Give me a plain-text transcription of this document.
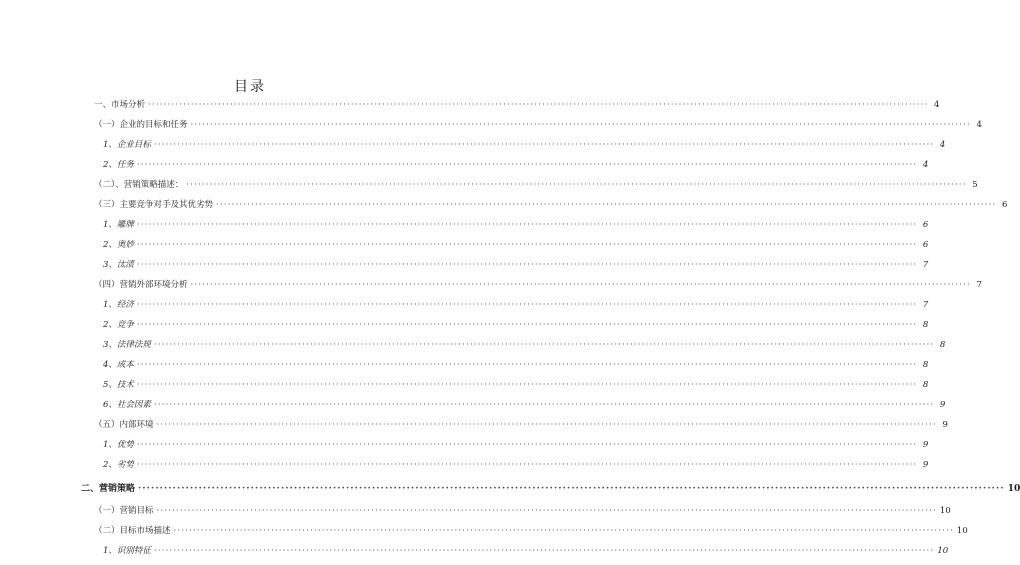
目录
一、市场分析 ········································································································································································································ 4
（一）企业的目标和任务 ········································································································································································································ 4
1、企业目标 ········································································································································································································ 4
2、任务 ········································································································································································································ 4
（二）、营销策略描述： ········································································································································································································ 5
（三）主要竞争对手及其优劣势 ········································································································································································································ 6
1、雕牌 ········································································································································································································ 6
2、奥妙 ········································································································································································································ 6
3、汰渍 ········································································································································································································ 7
（四）营销外部环境分析 ········································································································································································································ 7
1、经济 ········································································································································································································ 7
2、竞争 ········································································································································································································ 8
3、法律法规 ········································································································································································································ 8
4、成本 ········································································································································································································ 8
5、技术 ········································································································································································································ 8
6、社会因素 ········································································································································································································ 9
（五）内部环境 ········································································································································································································ 9
1、优势 ········································································································································································································ 9
2、劣势 ········································································································································································································ 9
二、营销策略 ········································································································································································································ 10
（一）营销目标 ········································································································································································································ 10
（二）目标市场描述 ········································································································································································································ 10
1、识别特征 ········································································································································································································ 10
